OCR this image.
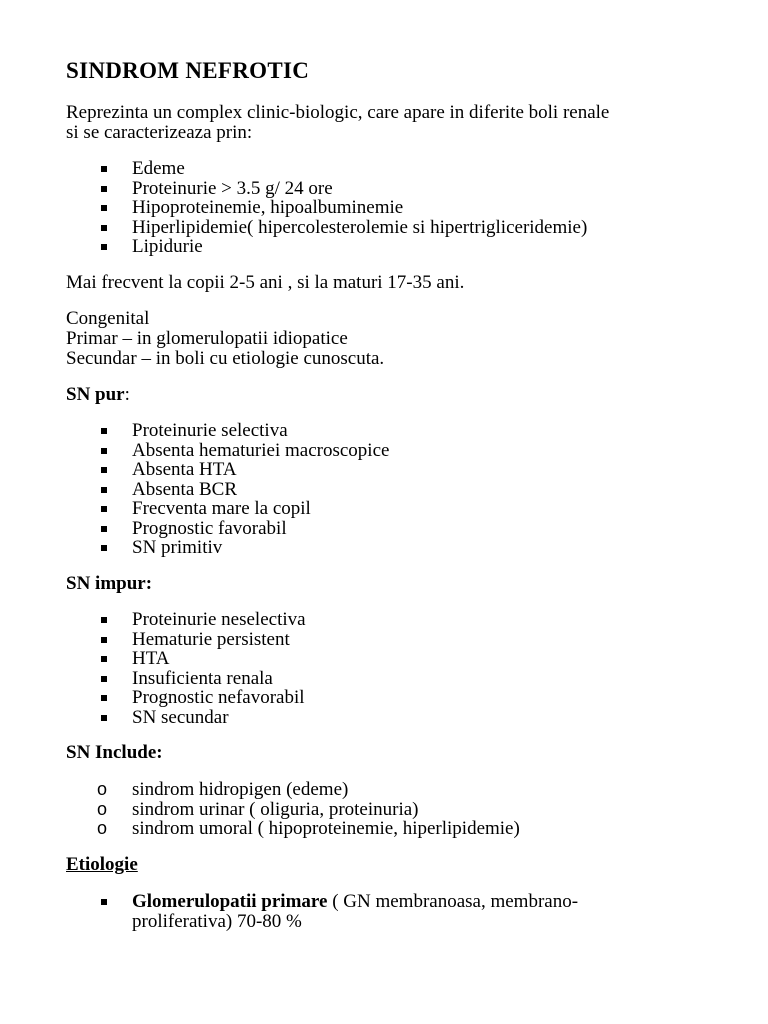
SINDROM NEFROTIC

Reprezinta un complex clinic-biologic, care apare in diferite boli renale
si se caracterizeaza prin:

Edeme
Proteinurie > 3.5 g/ 24 ore
Hipoproteinemie, hipoalbuminemie
Hiperlipidemie( hipercolesterolemie si hipertrigliceridemie)
Lipidurie

Mai frecvent la copii 2-5 ani , si la maturi 17-35 ani.

Congenital
Primar – in glomerulopatii idiopatice
Secundar – in boli cu etiologie cunoscuta.

SN pur:

Proteinurie selectiva
Absenta hematuriei macroscopice
Absenta HTA
Absenta BCR
Frecventa mare la copil
Prognostic favorabil
SN primitiv

SN impur:

Proteinurie neselectiva
Hematurie persistent
HTA
Insuficienta renala
Prognostic nefavorabil
SN secundar

SN Include:

o sindrom hidropigen (edeme)
o sindrom urinar ( oliguria, proteinuria)
o sindrom umoral ( hipoproteinemie, hiperlipidemie)

Etiologie

Glomerulopatii primare ( GN membranoasa, membrano-
proliferativa) 70-80 %
